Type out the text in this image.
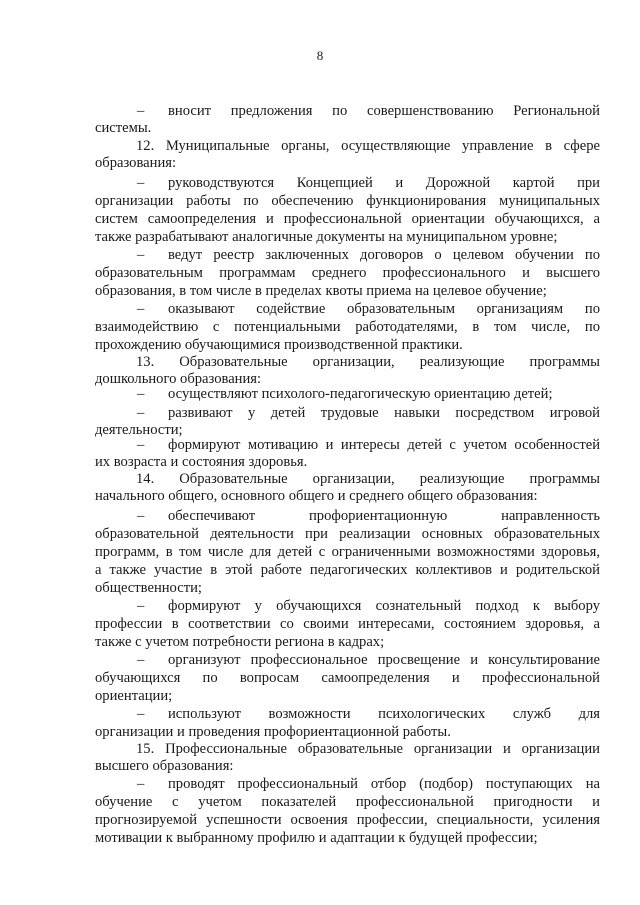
8
– вносит предложения по совершенствованию Региональной
системы.
12. Муниципальные органы, осуществляющие управление в сфере
образования:
– руководствуются Концепцией и Дорожной картой при
организации работы по обеспечению функционирования муниципальных
систем самоопределения и профессиональной ориентации обучающихся, а
также разрабатывают аналогичные документы на муниципальном уровне;
– ведут реестр заключенных договоров о целевом обучении по
образовательным программам среднего профессионального и высшего
образования, в том числе в пределах квоты приема на целевое обучение;
– оказывают содействие образовательным организациям по
взаимодействию с потенциальными работодателями, в том числе, по
прохождению обучающимися производственной практики.
13. Образовательные организации, реализующие программы
дошкольного образования:
– осуществляют психолого-педагогическую ориентацию детей;
– развивают у детей трудовые навыки посредством игровой
деятельности;
– формируют мотивацию и интересы детей с учетом особенностей
их возраста и состояния здоровья.
14. Образовательные организации, реализующие программы
начального общего, основного общего и среднего общего образования:
– обеспечивают профориентационную направленность
образовательной деятельности при реализации основных образовательных
программ, в том числе для детей с ограниченными возможностями здоровья,
а также участие в этой работе педагогических коллективов и родительской
общественности;
– формируют у обучающихся сознательный подход к выбору
профессии в соответствии со своими интересами, состоянием здоровья, а
также с учетом потребности региона в кадрах;
– организуют профессиональное просвещение и консультирование
обучающихся по вопросам самоопределения и профессиональной
ориентации;
– используют возможности психологических служб для
организации и проведения профориентационной работы.
15. Профессиональные образовательные организации и организации
высшего образования:
– проводят профессиональный отбор (подбор) поступающих на
обучение с учетом показателей профессиональной пригодности и
прогнозируемой успешности освоения профессии, специальности, усиления
мотивации к выбранному профилю и адаптации к будущей профессии;
